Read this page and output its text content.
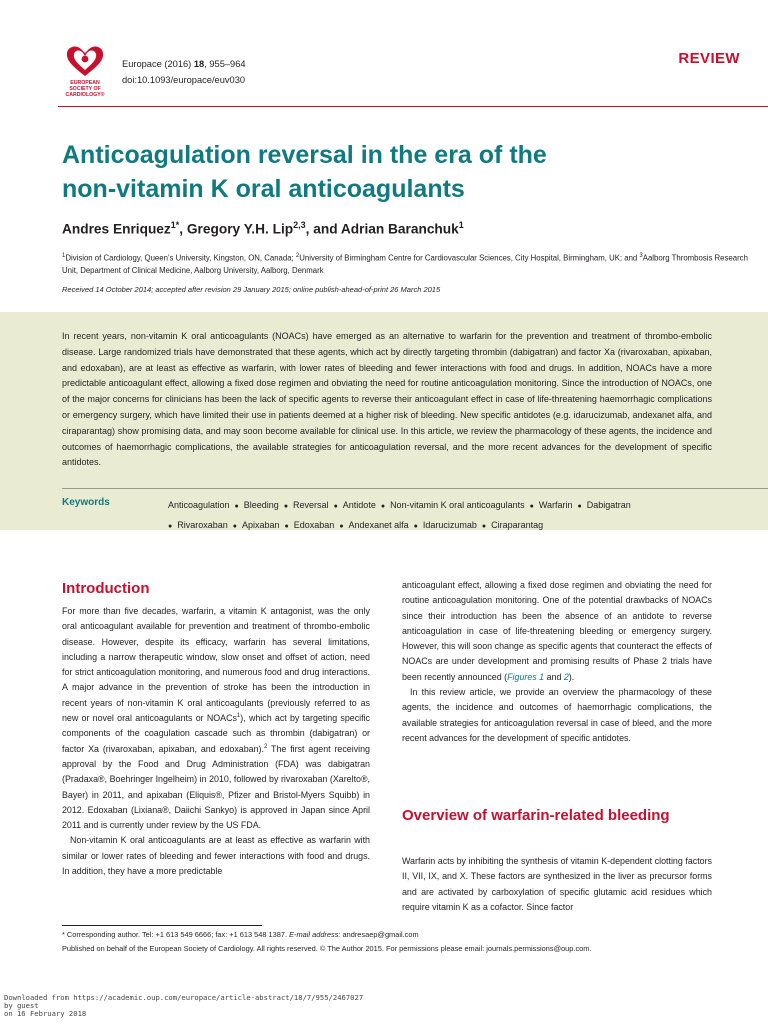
EUROPEAN
SOCIETY OF
CARDIOLOGY®
Europace (2016) 18, 955–964
doi:10.1093/europace/euv030
REVIEW
Anticoagulation reversal in the era of the
non-vitamin K oral anticoagulants
Andres Enriquez$^{1*}$, Gregory Y.H. Lip$^{2,3}$, and Adrian Baranchuk$^1$
$^1$Division of Cardiology, Queen’s University, Kingston, ON, Canada; $^2$University of Birmingham Centre for Cardiovascular Sciences, City Hospital, Birmingham, UK; and $^3$Aalborg Thrombosis Research Unit, Department of Clinical Medicine, Aalborg University, Aalborg, Denmark
Received 14 October 2014; accepted after revision 29 January 2015; online publish-ahead-of-print 26 March 2015
In recent years, non-vitamin K oral anticoagulants (NOACs) have emerged as an alternative to warfarin for the prevention and treatment of thrombo-embolic disease. Large randomized trials have demonstrated that these agents, which act by directly targeting thrombin (dabigatran) and factor Xa (rivaroxaban, apixaban, and edoxaban), are at least as effective as warfarin, with lower rates of bleeding and fewer interactions with food and drugs. In addition, NOACs have a more predictable anticoagulant effect, allowing a fixed dose regimen and obviating the need for routine anticoagulation monitoring. Since the introduction of NOACs, one of the major concerns for clinicians has been the lack of specific agents to reverse their anticoagulant effect in case of life-threatening haemorrhagic complications or emergency surgery, which have limited their use in patients deemed at a higher risk of bleeding. New specific antidotes (e.g. idarucizumab, andexanet alfa, and ciraparantag) show promising data, and may soon become available for clinical use. In this article, we review the pharmacology of these agents, the incidence and outcomes of haemorrhagic complications, the available strategies for anticoagulation reversal, and the more recent advances for the development of specific antidotes.
Keywords	Anticoagulation ● Bleeding ● Reversal ● Antidote ● Non-vitamin K oral anticoagulants ● Warfarin ● Dabigatran
● Rivaroxaban ● Apixaban ● Edoxaban ● Andexanet alfa ● Idarucizumab ● Ciraparantag
Introduction

For more than five decades, warfarin, a vitamin K antagonist, was the only oral anticoagulant available for prevention and treatment of thrombo-embolic disease. However, despite its efficacy, warfarin has several limitations, including a narrow therapeutic window, slow onset and offset of action, need for strict anticoagulation monitoring, and numerous food and drug interactions. A major advance in the prevention of stroke has been the introduction in recent years of non-vitamin K oral anticoagulants (previously referred to as new or novel oral anticoagulants or NOACs$^1$), which act by targeting specific components of the coagulation cascade such as thrombin (dabigatran) or factor Xa (rivaroxaban, apixaban, and edoxaban).$^2$ The first agent receiving approval by the Food and Drug Administration (FDA) was dabigatran (Pradaxa®, Boehringer Ingelheim) in 2010, followed by rivaroxaban (Xarelto®, Bayer) in 2011, and apixaban (Eliquis®, Pfizer and Bristol-Myers Squibb) in 2012. Edoxaban (Lixiana®, Daiichi Sankyo) is approved in Japan since April 2011 and is currently under review by the US FDA.

Non-vitamin K oral anticoagulants are at least as effective as warfarin with similar or lower rates of bleeding and fewer interactions with food and drugs. In addition, they have a more predictable

anticoagulant effect, allowing a fixed dose regimen and obviating the need for routine anticoagulation monitoring. One of the potential drawbacks of NOACs since their introduction has been the absence of an antidote to reverse anticoagulation in case of life-threatening bleeding or emergency surgery. However, this will soon change as specific agents that counteract the effects of NOACs are under development and promising results of Phase 2 trials have been recently announced (Figures 1 and 2).

In this review article, we provide an overview the pharmacology of these agents, the incidence and outcomes of haemorrhagic complications, the available strategies for anticoagulation reversal in case of bleed, and the more recent advances for the development of specific antidotes.

Overview of warfarin-related bleeding

Warfarin acts by inhibiting the synthesis of vitamin K-dependent clotting factors II, VII, IX, and X. These factors are synthesized in the liver as precursor forms and are activated by carboxylation of specific glutamic acid residues which require vitamin K as a cofactor. Since factor

* Corresponding author. Tel: +1 613 549 6666; fax: +1 613 548 1387. E-mail address: andresaep@gmail.com
Published on behalf of the European Society of Cardiology. All rights reserved. © The Author 2015. For permissions please email: journals.permissions@oup.com.
Downloaded from https://academic.oup.com/europace/article-abstract/18/7/955/2467027
by guest
on 16 February 2018
